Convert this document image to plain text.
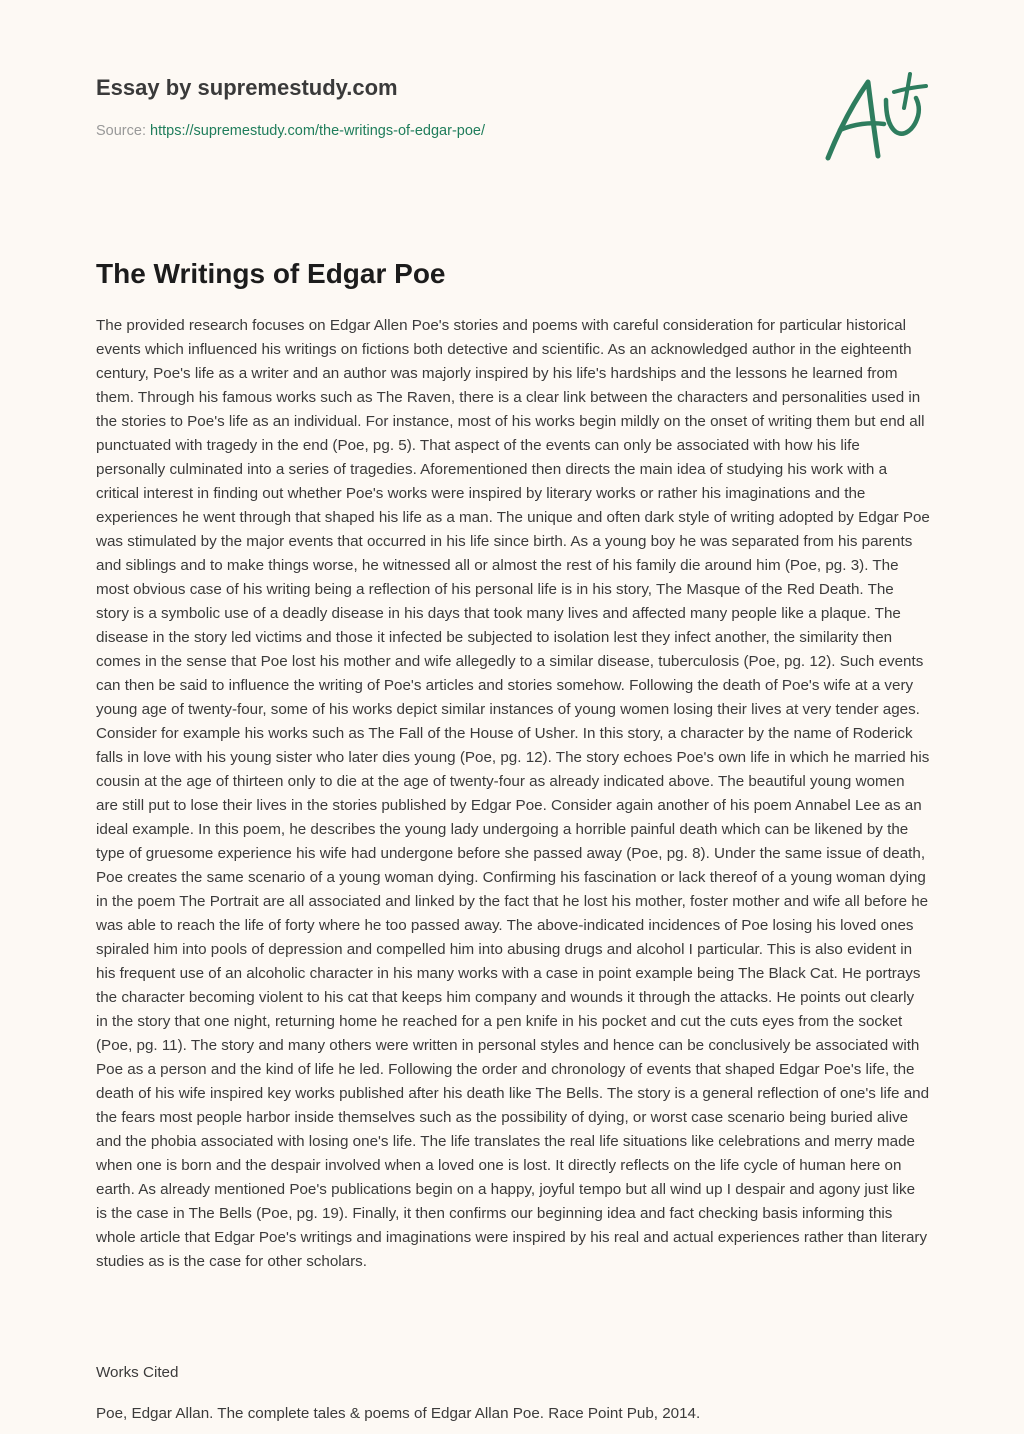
Essay by supremestudy.com
Source: https://supremestudy.com/the-writings-of-edgar-poe/
The Writings of Edgar Poe

The provided research focuses on Edgar Allen Poe's stories and poems with careful consideration for particular historical events which influenced his writings on fictions both detective and scientific. As an acknowledged author in the eighteenth century, Poe's life as a writer and an author was majorly inspired by his life's hardships and the lessons he learned from them. Through his famous works such as The Raven, there is a clear link between the characters and personalities used in the stories to Poe's life as an individual. For instance, most of his works begin mildly on the onset of writing them but end all punctuated with tragedy in the end (Poe, pg. 5). That aspect of the events can only be associated with how his life personally culminated into a series of tragedies. Aforementioned then directs the main idea of studying his work with a critical interest in finding out whether Poe's works were inspired by literary works or rather his imaginations and the experiences he went through that shaped his life as a man. The unique and often dark style of writing adopted by Edgar Poe was stimulated by the major events that occurred in his life since birth. As a young boy he was separated from his parents and siblings and to make things worse, he witnessed all or almost the rest of his family die around him (Poe, pg. 3). The most obvious case of his writing being a reflection of his personal life is in his story, The Masque of the Red Death. The story is a symbolic use of a deadly disease in his days that took many lives and affected many people like a plaque. The disease in the story led victims and those it infected be subjected to isolation lest they infect another, the similarity then comes in the sense that Poe lost his mother and wife allegedly to a similar disease, tuberculosis (Poe, pg. 12). Such events can then be said to influence the writing of Poe's articles and stories somehow. Following the death of Poe's wife at a very young age of twenty-four, some of his works depict similar instances of young women losing their lives at very tender ages. Consider for example his works such as The Fall of the House of Usher. In this story, a character by the name of Roderick falls in love with his young sister who later dies young (Poe, pg. 12). The story echoes Poe's own life in which he married his cousin at the age of thirteen only to die at the age of twenty-four as already indicated above. The beautiful young women are still put to lose their lives in the stories published by Edgar Poe. Consider again another of his poem Annabel Lee as an ideal example. In this poem, he describes the young lady undergoing a horrible painful death which can be likened by the type of gruesome experience his wife had undergone before she passed away (Poe, pg. 8). Under the same issue of death, Poe creates the same scenario of a young woman dying. Confirming his fascination or lack thereof of a young woman dying in the poem The Portrait are all associated and linked by the fact that he lost his mother, foster mother and wife all before he was able to reach the life of forty where he too passed away. The above-indicated incidences of Poe losing his loved ones spiraled him into pools of depression and compelled him into abusing drugs and alcohol I particular. This is also evident in his frequent use of an alcoholic character in his many works with a case in point example being The Black Cat. He portrays the character becoming violent to his cat that keeps him company and wounds it through the attacks. He points out clearly in the story that one night, returning home he reached for a pen knife in his pocket and cut the cuts eyes from the socket (Poe, pg. 11). The story and many others were written in personal styles and hence can be conclusively be associated with Poe as a person and the kind of life he led. Following the order and chronology of events that shaped Edgar Poe's life, the death of his wife inspired key works published after his death like The Bells. The story is a general reflection of one's life and the fears most people harbor inside themselves such as the possibility of dying, or worst case scenario being buried alive and the phobia associated with losing one's life. The life translates the real life situations like celebrations and merry made when one is born and the despair involved when a loved one is lost. It directly reflects on the life cycle of human here on earth. As already mentioned Poe's publications begin on a happy, joyful tempo but all wind up I despair and agony just like is the case in The Bells (Poe, pg. 19). Finally, it then confirms our beginning idea and fact checking basis informing this whole article that Edgar Poe's writings and imaginations were inspired by his real and actual experiences rather than literary studies as is the case for other scholars.

Works Cited
Poe, Edgar Allan. The complete tales & poems of Edgar Allan Poe. Race Point Pub, 2014.
